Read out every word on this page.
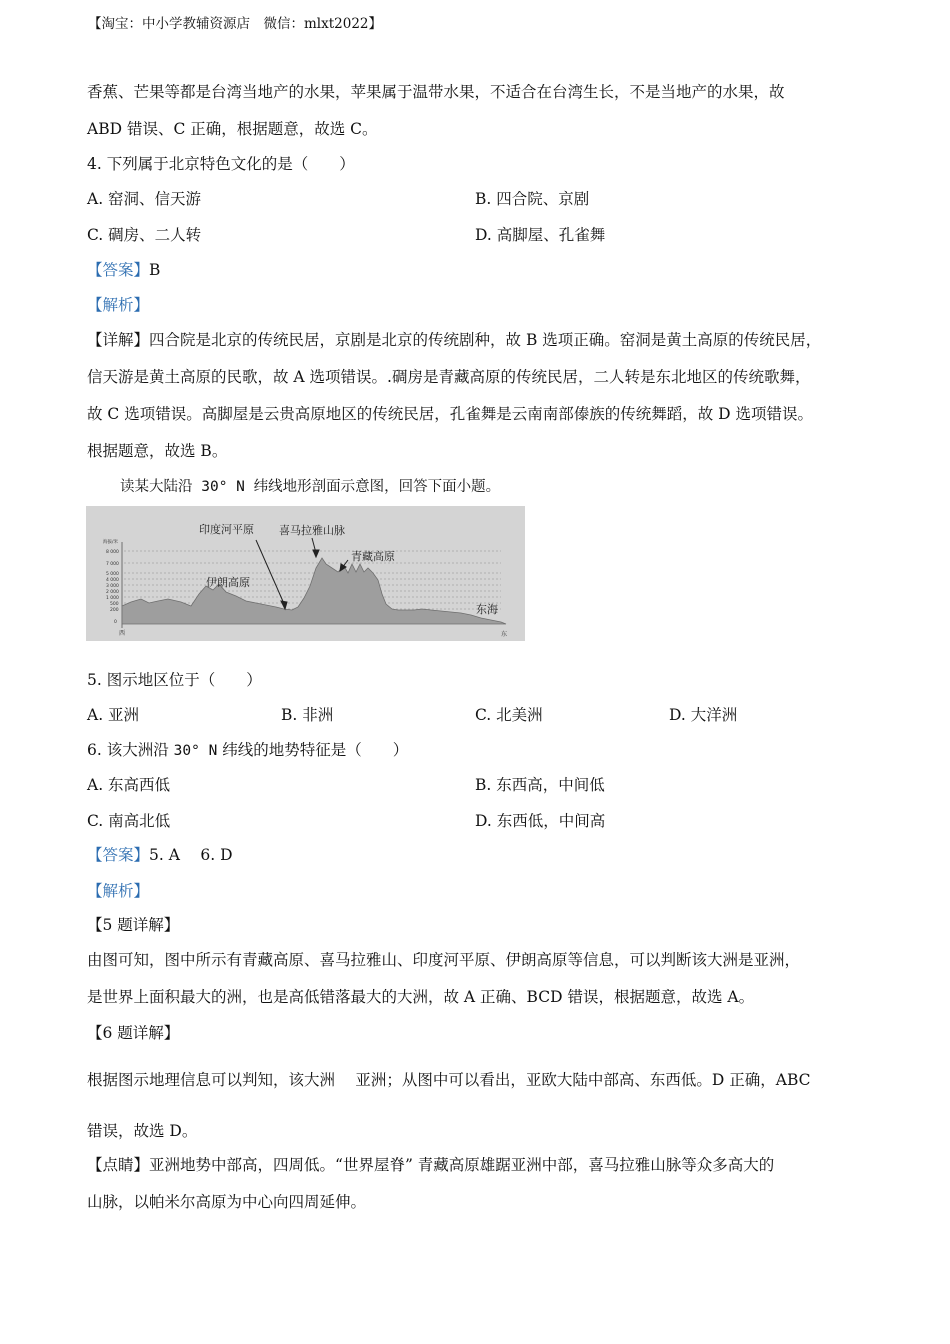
【淘宝：中小学教辅资源店　微信：mlxt2022】
香蕉、芒果等都是台湾当地产的水果，苹果属于温带水果，不适合在台湾生长，不是当地产的水果，故
ABD 错误、C 正确，根据题意，故选 C。
4. 下列属于北京特色文化的是（　　）
A. 窑洞、信天游	B. 四合院、京剧
C. 碉房、二人转	D. 高脚屋、孔雀舞
【答案】B
【解析】
【详解】四合院是北京的传统民居，京剧是北京的传统剧种，故 B 选项正确。窑洞是黄土高原的传统民居，
信天游是黄土高原的民歌，故 A 选项错误。.碉房是青藏高原的传统民居，二人转是东北地区的传统歌舞，
故 C 选项错误。高脚屋是云贵高原地区的传统民居，孔雀舞是云南南部傣族的传统舞蹈，故 D 选项错误。
根据题意，故选 B。
读某大陆沿 30° N 纬线地形剖面示意图，回答下面小题。
海拔/米
8 000
7 000
5 000
4 000
3 000
2 000
1 000
500
200
0
印度河平原 喜马拉雅山脉
青藏高原
伊朗高原
东海
西	东
5. 图示地区位于（　　）
A. 亚洲	B. 非洲	C. 北美洲	D. 大洋洲
6. 该大洲沿 30° N 纬线的地势特征是（　　）
A. 东高西低	B. 东西高，中间低
C. 南高北低	D. 东西低，中间高
【答案】5. A　 6. D
【解析】
【5 题详解】
由图可知，图中所示有青藏高原、喜马拉雅山、印度河平原、伊朗高原等信息，可以判断该大洲是亚洲，
是世界上面积最大的洲，也是高低错落最大的大洲，故 A 正确、BCD 错误，根据题意，故选 A。
【6 题详解】
根据图示地理信息可以判知，该大洲　 亚洲；从图中可以看出，亚欧大陆中部高、东西低。D 正确，ABC
错误，故选 D。
【点睛】亚洲地势中部高，四周低。“世界屋脊” 青藏高原雄踞亚洲中部，喜马拉雅山脉等众多高大的
山脉，以帕米尔高原为中心向四周延伸。
